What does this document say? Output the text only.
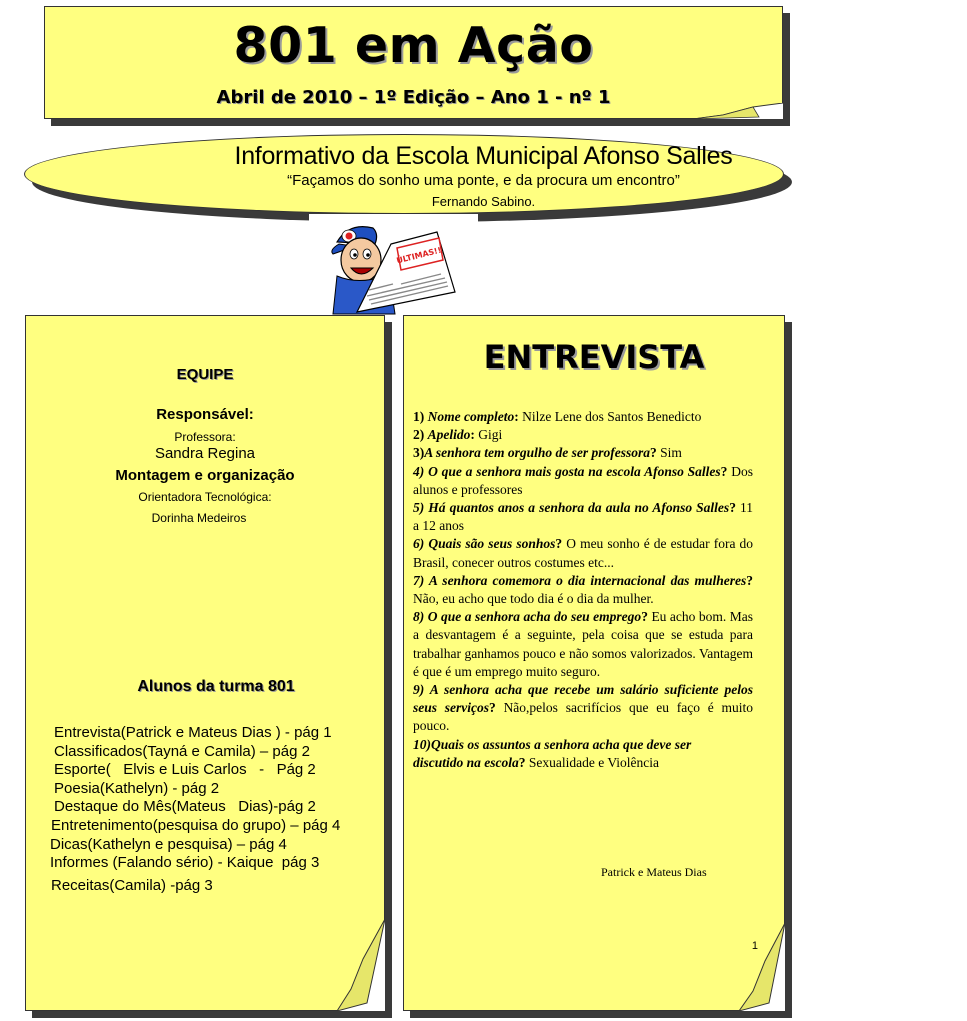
801 em Ação
Abril de 2010 – 1º Edição – Ano 1 - nº 1
Informativo da Escola Municipal Afonso Salles
“Façamos do sonho uma ponte, e da procura um encontro”
Fernando Sabino.
ÚLTIMAS!!
EQUIPE
Responsável:
Professora:
Sandra Regina
Montagem e organização
Orientadora Tecnológica:
Dorinha Medeiros
Alunos da turma 801
Entrevista(Patrick e Mateus Dias ) - pág 1
Classificados(Tayná e Camila) – pág 2
Esporte(   Elvis e Luis Carlos   -   Pág 2
Poesia(Kathelyn) - pág 2
Destaque do Mês(Mateus   Dias)-pág 2
Entretenimento(pesquisa do grupo) – pág 4
Dicas(Kathelyn e pesquisa) – pág 4
Informes (Falando sério) - Kaique  pág 3
Receitas(Camila) -pág 3
ENTREVISTA

1) Nome completo: Nilze Lene dos Santos Benedicto

2) Apelido: Gigi

3)A senhora tem orgulho de ser professora? Sim

4) O que a senhora mais gosta na escola Afonso Salles? Dos alunos e professores

5) Há quantos anos a senhora da aula no Afonso Salles? 11 a 12 anos

6) Quais são seus sonhos? O meu sonho é de estudar fora do Brasil, conecer outros costumes etc...

7) A senhora comemora o dia internacional das mulheres? Não, eu acho que todo dia é o dia da mulher.

8) O que a senhora acha do seu emprego? Eu acho bom. Mas a desvantagem é a seguinte, pela coisa que se estuda para trabalhar ganhamos pouco e não somos valorizados. Vantagem é que é um emprego muito seguro.

9) A senhora acha que recebe um salário suficiente pelos seus serviços? Não,pelos sacrifícios que eu faço é muito pouco.

10)Quais os assuntos a senhora acha que deve ser discutido na escola? Sexualidade e Violência

Patrick e Mateus Dias
1
